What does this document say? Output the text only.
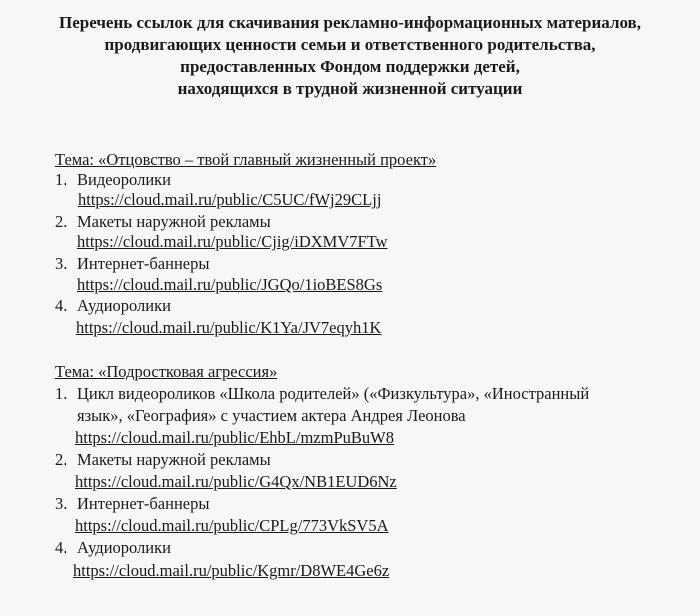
Перечень ссылок для скачивания рекламно-информационных материалов,
продвигающих ценности семьи и ответственного родительства,
предоставленных Фондом поддержки детей,
находящихся в трудной жизненной ситуации
Тема: «Отцовство – твой главный жизненный проект»
1. Видеоролики
https://cloud.mail.ru/public/C5UC/fWj29CLjj
2. Макеты наружной рекламы
https://cloud.mail.ru/public/Cjig/iDXMV7FTw
3. Интернет-баннеры
https://cloud.mail.ru/public/JGQo/1ioBES8Gs
4. Аудиоролики
https://cloud.mail.ru/public/K1Ya/JV7eqyh1K
Тема: «Подростковая агрессия»
1. Цикл видеороликов «Школа родителей» («Физкультура», «Иностранный
язык», «География» с участием актера Андрея Леонова
https://cloud.mail.ru/public/EhbL/mzmPuBuW8
2. Макеты наружной рекламы
https://cloud.mail.ru/public/G4Qx/NB1EUD6Nz
3. Интернет-баннеры
https://cloud.mail.ru/public/CPLg/773VkSV5A
4. Аудиоролики
https://cloud.mail.ru/public/Kgmr/D8WE4Ge6z
